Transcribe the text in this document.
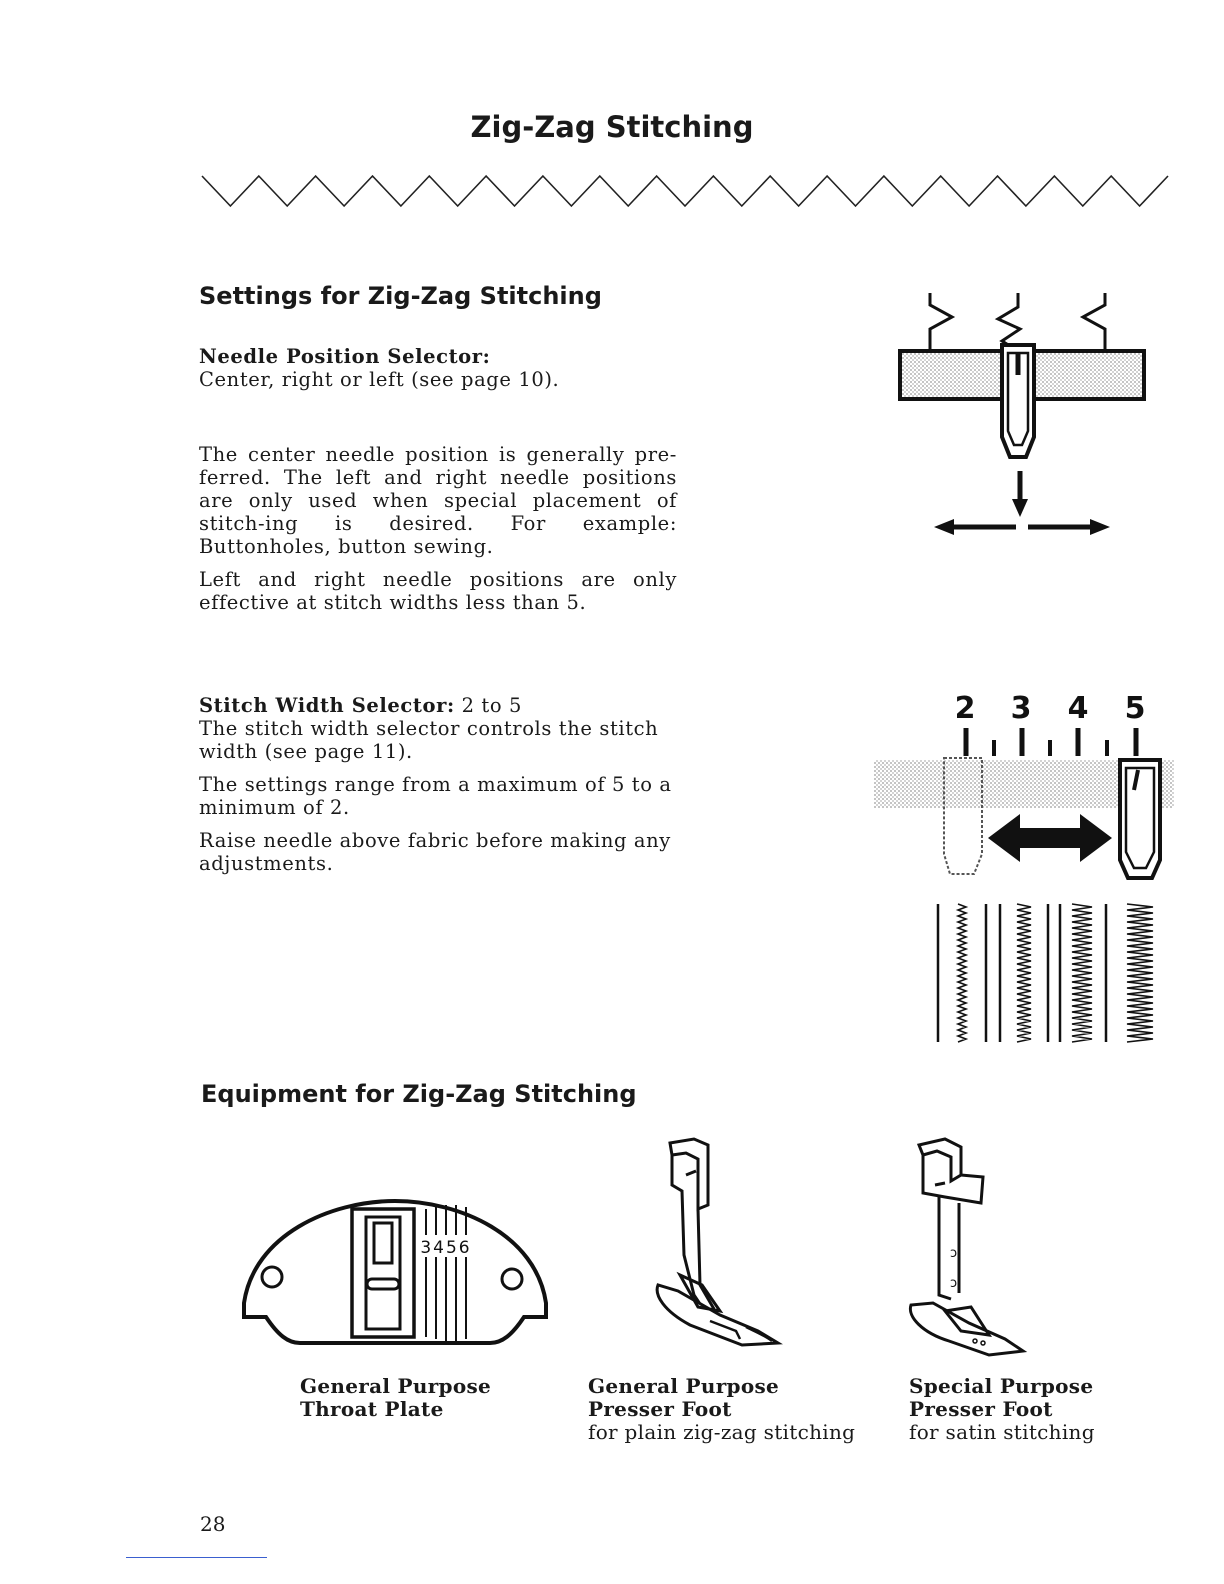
Zig-Zag Stitching
Settings for Zig-Zag Stitching
Needle Position Selector:
Center, right or left (see page 10).

The center needle position is generally pre-ferred. The left and right needle positions are only used when special placement of stitch-ing is desired. For example: Buttonholes, button sewing.

Left and right needle positions are only effective at stitch widths less than 5.

Stitch Width Selector: 2 to 5

The stitch width selector controls the stitch width (see page 11).

The settings range from a maximum of 5 to a minimum of 2.

Raise needle above fabric before making any adjustments.

2 3 4 5
Equipment for Zig-Zag Stitching
3456	ɔ
ɔ
General Purpose
Throat Plate
General Purpose
Presser Foot
for plain zig-zag stitching
Special Purpose
Presser Foot
for satin stitching
28
